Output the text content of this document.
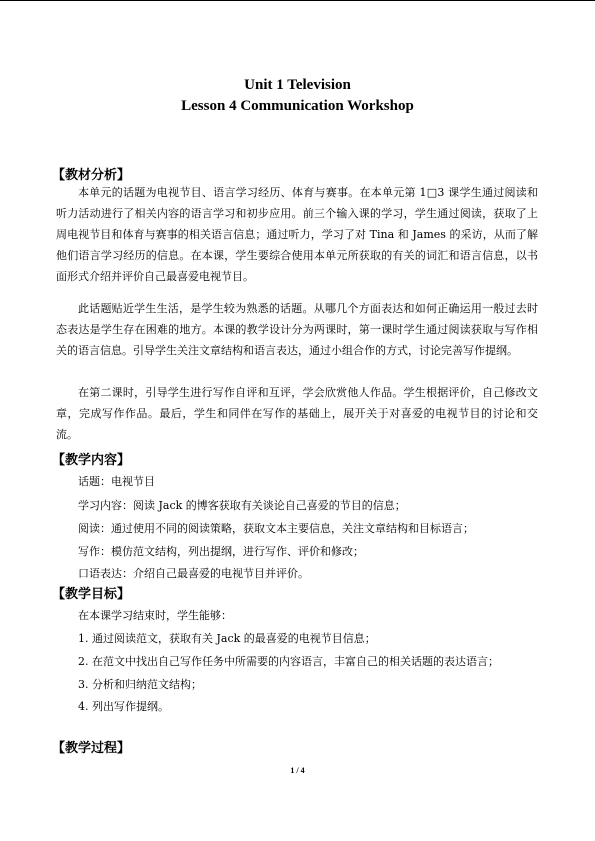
Unit 1 Television
Lesson 4 Communication Workshop
【教材分析】

本单元的话题为电视节目、语言学习经历、体育与赛事。在本单元第 1□3 课学生通过阅读和听力活动进行了相关内容的语言学习和初步应用。前三个输入课的学习，学生通过阅读，获取了上周电视节目和体育与赛事的相关语言信息；通过听力，学习了对 Tina 和 James 的采访，从而了解他们语言学习经历的信息。在本课，学生要综合使用本单元所获取的有关的词汇和语言信息，以书面形式介绍并评价自己最喜爱电视节目。

此话题贴近学生生活，是学生较为熟悉的话题。从哪几个方面表达和如何正确运用一般过去时态表达是学生存在困难的地方。本课的教学设计分为两课时，第一课时学生通过阅读获取与写作相关的语言信息。引导学生关注文章结构和语言表达，通过小组合作的方式，讨论完善写作提纲。

在第二课时，引导学生进行写作自评和互评，学会欣赏他人作品。学生根据评价，自己修改文章，完成写作作品。最后，学生和同伴在写作的基础上，展开关于对喜爱的电视节目的讨论和交流。

【教学内容】
话题：电视节目
学习内容：阅读 Jack 的博客获取有关谈论自己喜爱的节目的信息；
阅读：通过使用不同的阅读策略，获取文本主要信息，关注文章结构和目标语言；
写作：模仿范文结构，列出提纲，进行写作、评价和修改；
口语表达：介绍自己最喜爱的电视节目并评价。
【教学目标】
在本课学习结束时，学生能够：
1. 通过阅读范文，获取有关 Jack 的最喜爱的电视节目信息；
2. 在范文中找出自己写作任务中所需要的内容语言，丰富自己的相关话题的表达语言；
3. 分析和归纳范文结构；
4. 列出写作提纲。
【教学过程】
1 / 4
